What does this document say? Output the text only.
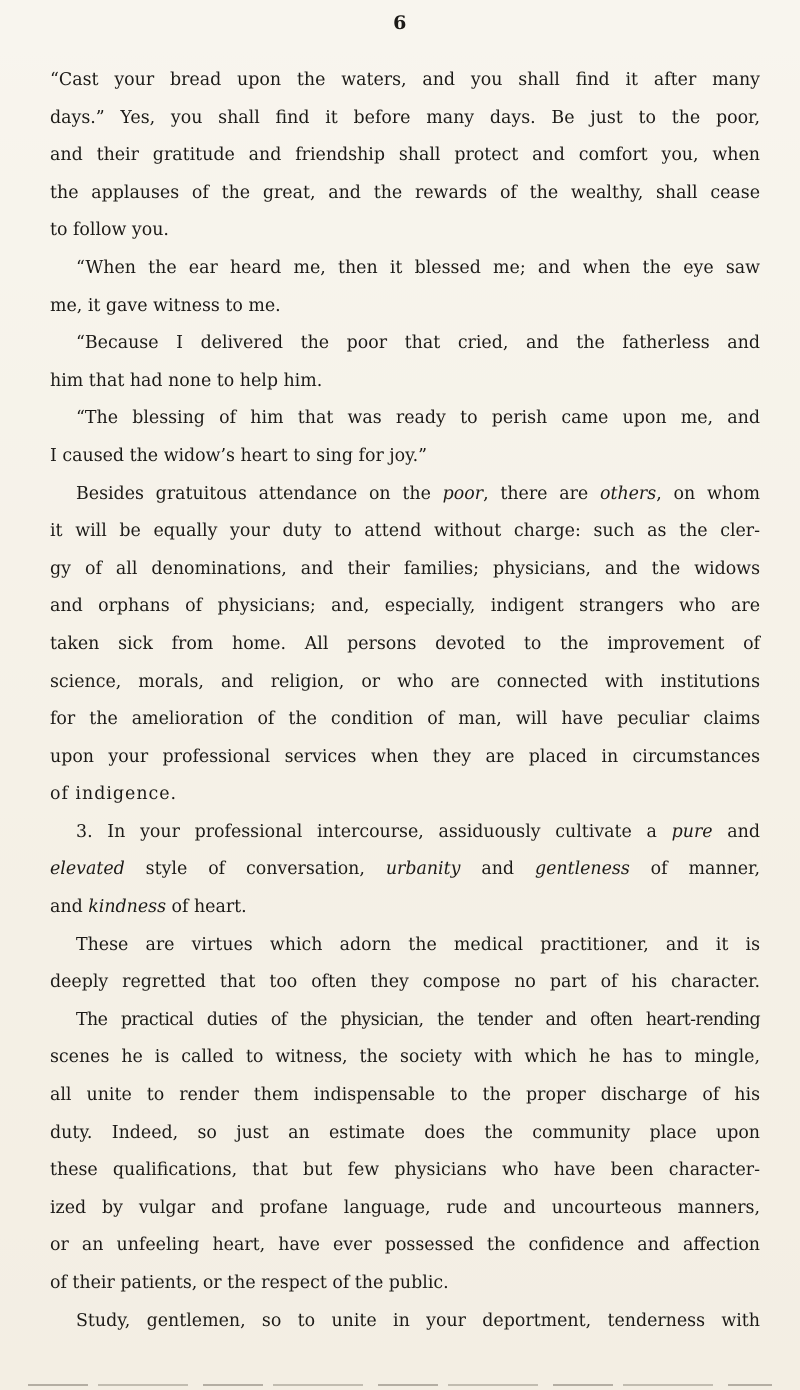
6
“Cast your bread upon the waters, and you shall find it after many
days.” Yes, you shall find it before many days. Be just to the poor,
and their gratitude and friendship shall protect and comfort you, when
the applauses of the great, and the rewards of the wealthy, shall cease
to follow you.
“When the ear heard me, then it blessed me; and when the eye saw
me, it gave witness to me.
“Because I delivered the poor that cried, and the fatherless and
him that had none to help him.
“The blessing of him that was ready to perish came upon me, and
I caused the widow’s heart to sing for joy.”
Besides gratuitous attendance on the poor, there are others, on whom
it will be equally your duty to attend without charge: such as the cler-
gy of all denominations, and their families; physicians, and the widows
and orphans of physicians; and, especially, indigent strangers who are
taken sick from home. All persons devoted to the improvement of
science, morals, and religion, or who are connected with institutions
for the amelioration of the condition of man, will have peculiar claims
upon your professional services when they are placed in circumstances
of indigence.
3. In your professional intercourse, assiduously cultivate a pure and
elevated style of conversation, urbanity and gentleness of manner,
and kindness of heart.
These are virtues which adorn the medical practitioner, and it is
deeply regretted that too often they compose no part of his character.
The practical duties of the physician, the tender and often heart-rending
scenes he is called to witness, the society with which he has to mingle,
all unite to render them indispensable to the proper discharge of his
duty. Indeed, so just an estimate does the community place upon
these qualifications, that but few physicians who have been character-
ized by vulgar and profane language, rude and uncourteous manners,
or an unfeeling heart, have ever possessed the confidence and affection
of their patients, or the respect of the public.
Study, gentlemen, so to unite in your deportment, tenderness with
